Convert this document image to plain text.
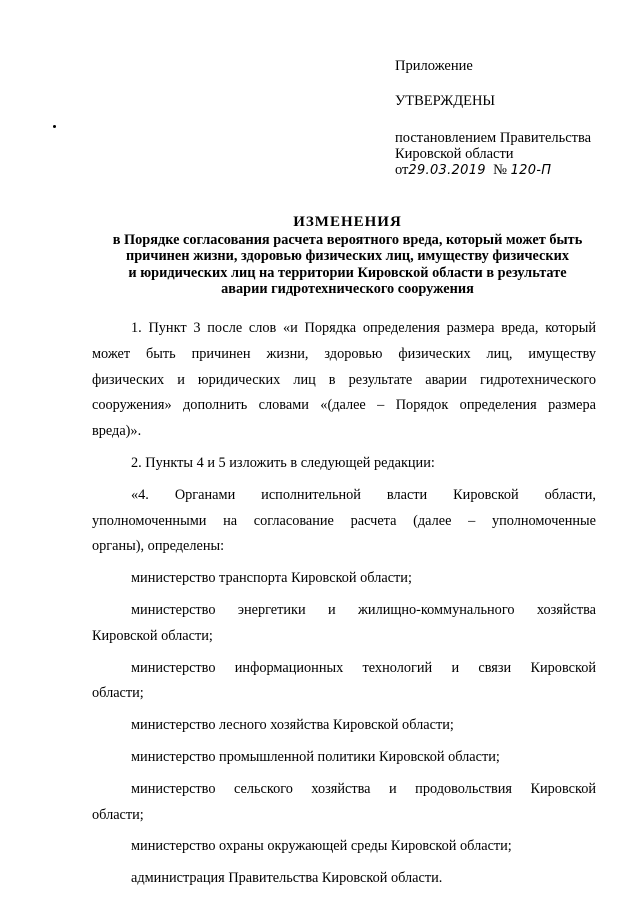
Приложение
УТВЕРЖДЕНЫ
постановлением Правительства
Кировской области
от29.03.2019 № 120-П
ИЗМЕНЕНИЯ
в Порядке согласования расчета вероятного вреда, который может быть
причинен жизни, здоровью физических лиц, имуществу физических
и юридических лиц на территории Кировской области в результате
аварии гидротехнического сооружения
1. Пункт 3 после слов «и Порядка определения размера вреда, который
может быть причинен жизни, здоровью физических лиц, имуществу
физических и юридических лиц в результате аварии гидротехнического
сооружения» дополнить словами «(далее – Порядок определения размера
вреда)».
2. Пункты 4 и 5 изложить в следующей редакции:
«4. Органами исполнительной власти Кировской области,
уполномоченными на согласование расчета (далее – уполномоченные
органы), определены:
министерство транспорта Кировской области;
министерство энергетики и жилищно-коммунального хозяйства
Кировской области;
министерство информационных технологий и связи Кировской
области;
министерство лесного хозяйства Кировской области;
министерство промышленной политики Кировской области;
министерство сельского хозяйства и продовольствия Кировской
области;
министерство охраны окружающей среды Кировской области;
администрация Правительства Кировской области.
